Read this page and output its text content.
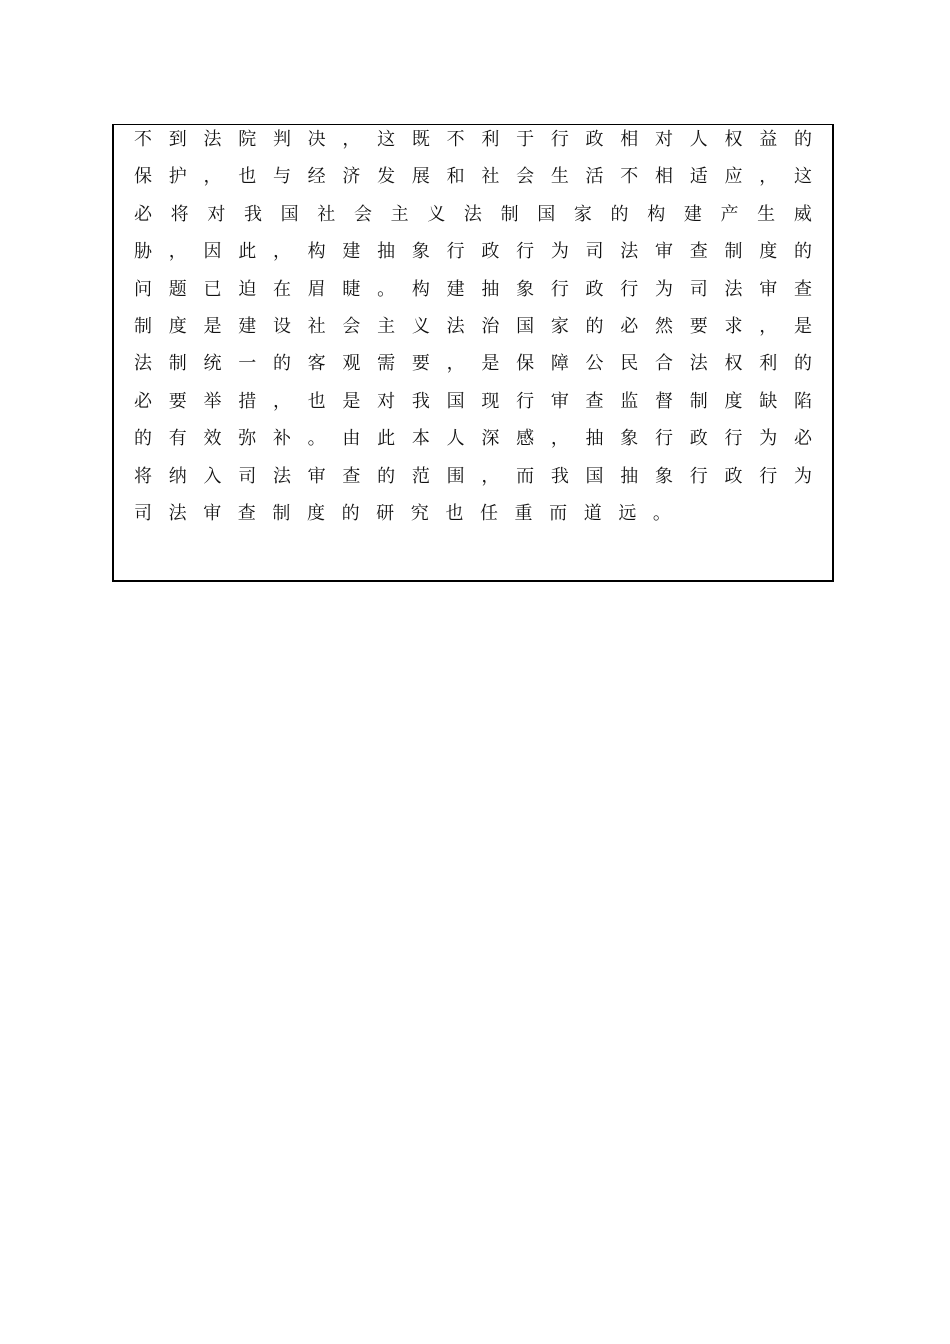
不 到 法 院 判 决 ， 这 既 不 利 于 行 政 相 对 人 权 益 的
保 护 ， 也 与 经 济 发 展 和 社 会 生 活 不 相 适 应 ， 这
必 将 对 我 国 社 会 主 义 法 制 国 家 的 构 建 产 生 威
胁 ， 因 此 ， 构 建 抽 象 行 政 行 为 司 法 审 查 制 度 的
问 题 已 迫 在 眉 睫 。 构 建 抽 象 行 政 行 为 司 法 审 查
制 度 是 建 设 社 会 主 义 法 治 国 家 的 必 然 要 求 ， 是
法 制 统 一 的 客 观 需 要 ， 是 保 障 公 民 合 法 权 利 的
必 要 举 措 ， 也 是 对 我 国 现 行 审 查 监 督 制 度 缺 陷
的 有 效 弥 补 。 由 此 本 人 深 感 ， 抽 象 行 政 行 为 必
将 纳 入 司 法 审 查 的 范 围 ， 而 我 国 抽 象 行 政 行 为
司 法 审 查 制 度 的 研 究 也 任 重 而 道 远 。
